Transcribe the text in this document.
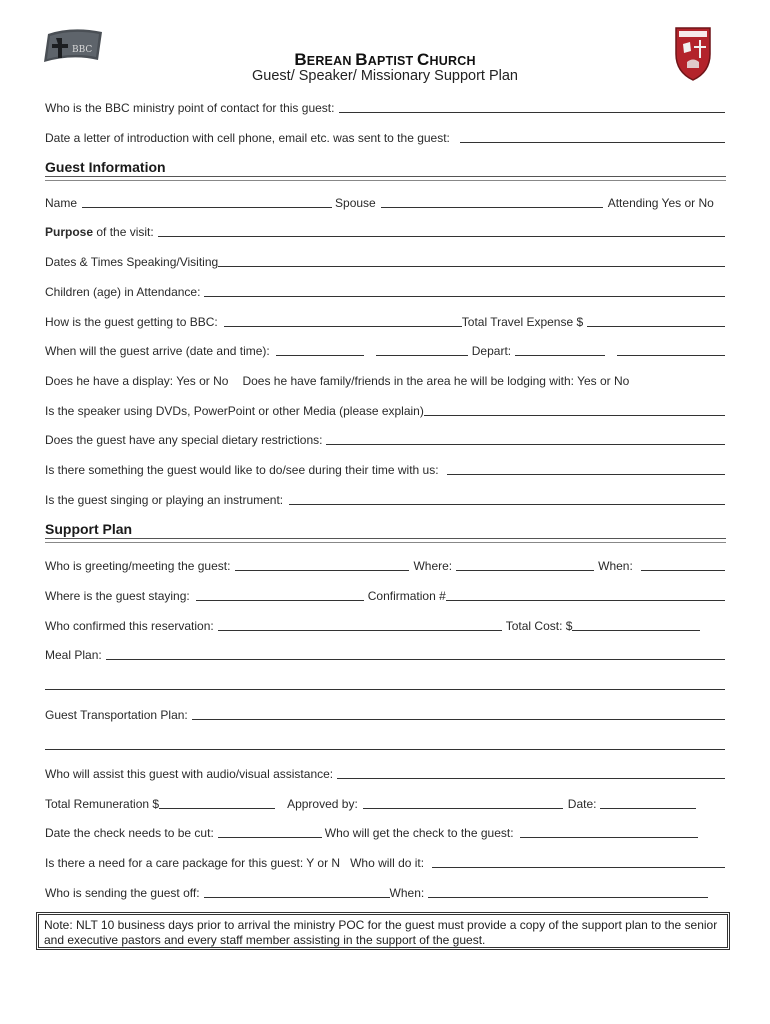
BBC	BEREAN BAPTIST CHURCH
Guest/ Speaker/ Missionary Support Plan
Who is the BBC ministry point of contact for this guest:
Date a letter of introduction with cell phone, email etc. was sent to the guest:
Guest Information
Name	Spouse	Attending Yes or No
Purpose of the visit:
Dates & Times Speaking/Visiting
Children (age) in Attendance:
How is the guest getting to BBC:	Total Travel Expense $
When will the guest arrive (date and time):	Depart:
Does he have a display: Yes or No Does he have family/friends in the area he will be lodging with: Yes or No
Is the speaker using DVDs, PowerPoint or other Media (please explain)
Does the guest have any special dietary restrictions:
Is there something the guest would like to do/see during their time with us:
Is the guest singing or playing an instrument:
Support Plan
Who is greeting/meeting the guest:	Where:	When:
Where is the guest staying:	Confirmation #
Who confirmed this reservation:	Total Cost: $
Meal Plan:
Guest Transportation Plan:
Who will assist this guest with audio/visual assistance:
Total Remuneration $	Approved by:	Date:
Date the check needs to be cut:	Who will get the check to the guest:
Is there a need for a care package for this guest: Y or N Who will do it:
Who is sending the guest off:	When:
Note: NLT 10 business days prior to arrival the ministry POC for the guest must provide a copy of the support plan to the senior and executive pastors and every staff member assisting in the support of the guest.
